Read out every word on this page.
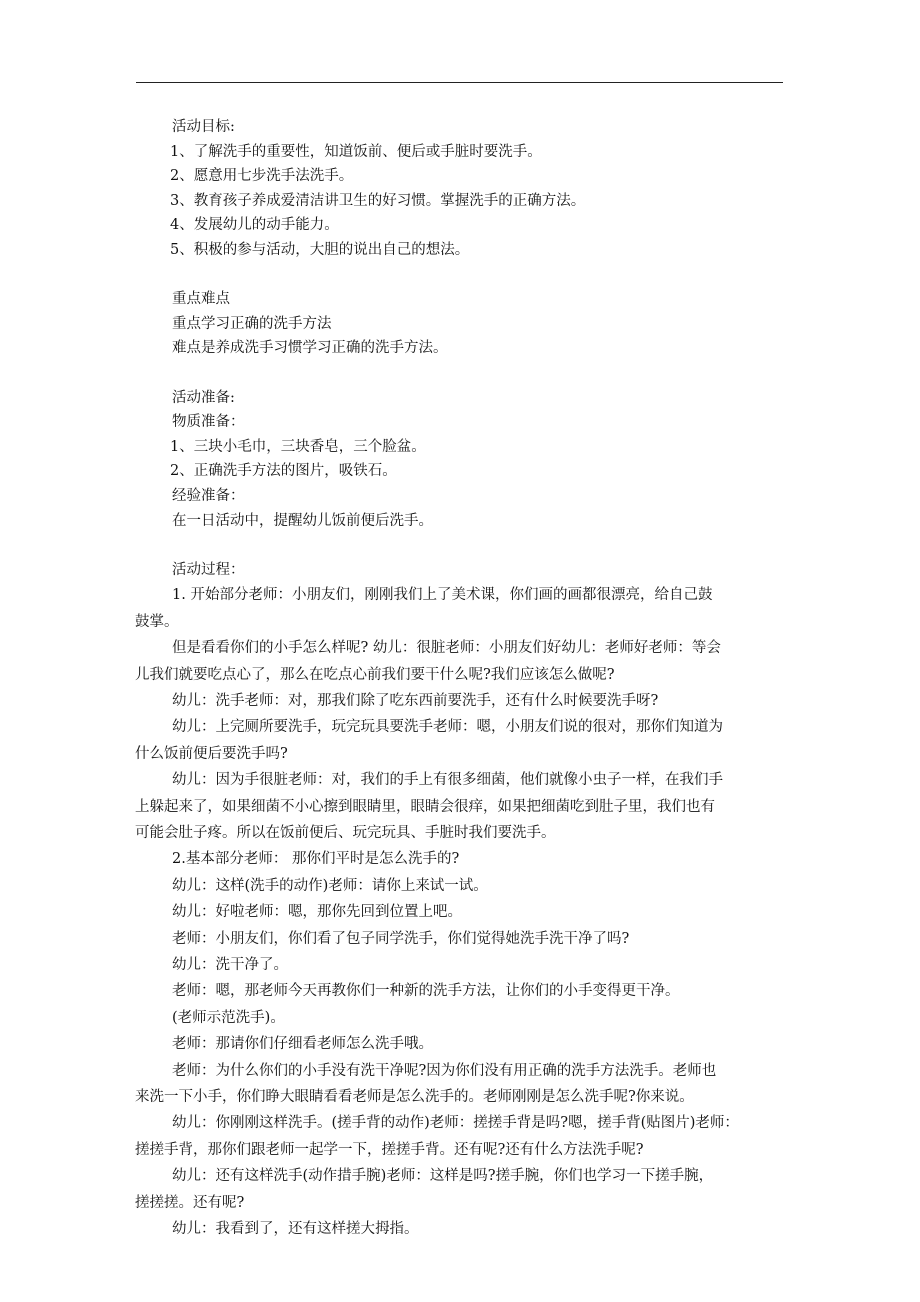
活动目标:

1、了解洗手的重要性，知道饭前、便后或手脏时要洗手。

2、愿意用七步洗手法洗手。

3、教育孩子养成爱清洁讲卫生的好习惯。掌握洗手的正确方法。

4、发展幼儿的动手能力。

5、积极的参与活动，大胆的说出自己的想法。

重点难点

重点学习正确的洗手方法

难点是养成洗手习惯学习正确的洗手方法。

活动准备:

物质准备：

1、三块小毛巾，三块香皂，三个脸盆。

2、正确洗手方法的图片，吸铁石。

经验准备：

在一日活动中，提醒幼儿饭前便后洗手。

活动过程：

1. 开始部分老师：小朋友们，刚刚我们上了美术课，你们画的画都很漂亮，给自己鼓

鼓掌。

但是看看你们的小手怎么样呢? 幼儿：很脏老师：小朋友们好幼儿：老师好老师：等会

儿我们就要吃点心了，那么在吃点心前我们要干什么呢?我们应该怎么做呢?

幼儿：洗手老师：对，那我们除了吃东西前要洗手，还有什么时候要洗手呀?

幼儿：上完厕所要洗手，玩完玩具要洗手老师：嗯，小朋友们说的很对，那你们知道为

什么饭前便后要洗手吗?

幼儿：因为手很脏老师：对，我们的手上有很多细菌，他们就像小虫子一样，在我们手

上躲起来了，如果细菌不小心擦到眼睛里，眼睛会很痒，如果把细菌吃到肚子里，我们也有

可能会肚子疼。所以在饭前便后、玩完玩具、手脏时我们要洗手。

2.基本部分老师： 那你们平时是怎么洗手的?

幼儿：这样(洗手的动作)老师：请你上来试一试。

幼儿：好啦老师：嗯，那你先回到位置上吧。

老师：小朋友们，你们看了包子同学洗手，你们觉得她洗手洗干净了吗?

幼儿：洗干净了。

老师：嗯，那老师今天再教你们一种新的洗手方法，让你们的小手变得更干净。

(老师示范洗手)。

老师：那请你们仔细看老师怎么洗手哦。

老师：为什么你们的小手没有洗干净呢?因为你们没有用正确的洗手方法洗手。老师也

来洗一下小手，你们睁大眼睛看看老师是怎么洗手的。老师刚刚是怎么洗手呢?你来说。

幼儿：你刚刚这样洗手。(搓手背的动作)老师：搓搓手背是吗?嗯，搓手背(贴图片)老师：

搓搓手背，那你们跟老师一起学一下，搓搓手背。还有呢?还有什么方法洗手呢?

幼儿：还有这样洗手(动作措手腕)老师：这样是吗?搓手腕，你们也学习一下搓手腕，

搓搓搓。还有呢?

幼儿：我看到了，还有这样搓大拇指。
